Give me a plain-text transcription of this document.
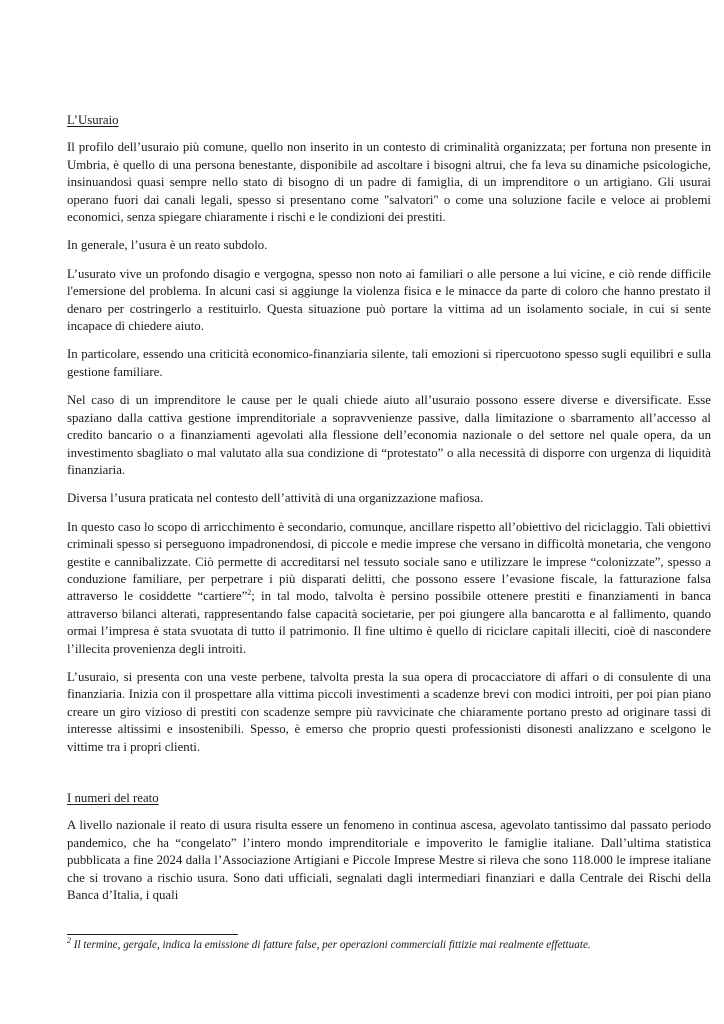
L’Usuraio

Il profilo dell’usuraio più comune, quello non inserito in un contesto di criminalità organizzata; per fortuna non presente in Umbria, è quello di una persona benestante, disponibile ad ascoltare i bisogni altrui, che fa leva su dinamiche psicologiche, insinuandosi quasi sempre nello stato di bisogno di un padre di famiglia, di un imprenditore o un artigiano. Gli usurai operano fuori dai canali legali, spesso si presentano come "salvatori" o come una soluzione facile e veloce ai problemi economici, senza spiegare chiaramente i rischi e le condizioni dei prestiti.

In generale, l’usura è un reato subdolo.

L’usurato vive un profondo disagio e vergogna, spesso non noto ai familiari o alle persone a lui vicine, e ciò rende difficile l'emersione del problema. In alcuni casi si aggiunge la violenza fisica e le minacce da parte di coloro che hanno prestato il denaro per costringerlo a restituirlo. Questa situazione può portare la vittima ad un isolamento sociale, in cui si sente incapace di chiedere aiuto.

In particolare, essendo una criticità economico-finanziaria silente, tali emozioni si ripercuotono spesso sugli equilibri e sulla gestione familiare.

Nel caso di un imprenditore le cause per le quali chiede aiuto all’usuraio possono essere diverse e diversificate. Esse spaziano dalla cattiva gestione imprenditoriale a sopravvenienze passive, dalla limitazione o sbarramento all’accesso al credito bancario o a finanziamenti agevolati alla flessione dell’economia nazionale o del settore nel quale opera, da un investimento sbagliato o mal valutato alla sua condizione di “protestato” o alla necessità di disporre con urgenza di liquidità finanziaria.

Diversa l’usura praticata nel contesto dell’attività di una organizzazione mafiosa.

In questo caso lo scopo di arricchimento è secondario, comunque, ancillare rispetto all’obiettivo del riciclaggio. Tali obiettivi criminali spesso si perseguono impadronendosi, di piccole e medie imprese che versano in difficoltà monetaria, che vengono gestite e cannibalizzate. Ciò permette di accreditarsi nel tessuto sociale sano e utilizzare le imprese “colonizzate”, spesso a conduzione familiare, per perpetrare i più disparati delitti, che possono essere l’evasione fiscale, la fatturazione falsa attraverso le cosiddette “cartiere”$^2$; in tal modo, talvolta è persino possibile ottenere prestiti e finanziamenti in banca attraverso bilanci alterati, rappresentando false capacità societarie, per poi giungere alla bancarotta e al fallimento, quando ormai l’impresa è stata svuotata di tutto il patrimonio. Il fine ultimo è quello di riciclare capitali illeciti, cioè di nascondere l’illecita provenienza degli introiti.

L’usuraio, si presenta con una veste perbene, talvolta presta la sua opera di procacciatore di affari o di consulente di una finanziaria. Inizia con il prospettare alla vittima piccoli investimenti a scadenze brevi con modici introiti, per poi pian piano creare un giro vizioso di prestiti con scadenze sempre più ravvicinate che chiaramente portano presto ad originare tassi di interesse altissimi e insostenibili. Spesso, è emerso che proprio questi professionisti disonesti analizzano e scelgono le vittime tra i propri clienti.

I numeri del reato

A livello nazionale il reato di usura risulta essere un fenomeno in continua ascesa, agevolato tantissimo dal passato periodo pandemico, che ha “congelato” l’intero mondo imprenditoriale e impoverito le famiglie italiane. Dall’ultima statistica pubblicata a fine 2024 dalla l’Associazione Artigiani e Piccole Imprese Mestre si rileva che sono 118.000 le imprese italiane che si trovano a rischio usura. Sono dati ufficiali, segnalati dagli intermediari finanziari e dalla Centrale dei Rischi della Banca d’Italia, i quali

$^2$ Il termine, gergale, indica la emissione di fatture false, per operazioni commerciali fittizie mai realmente effettuate.
